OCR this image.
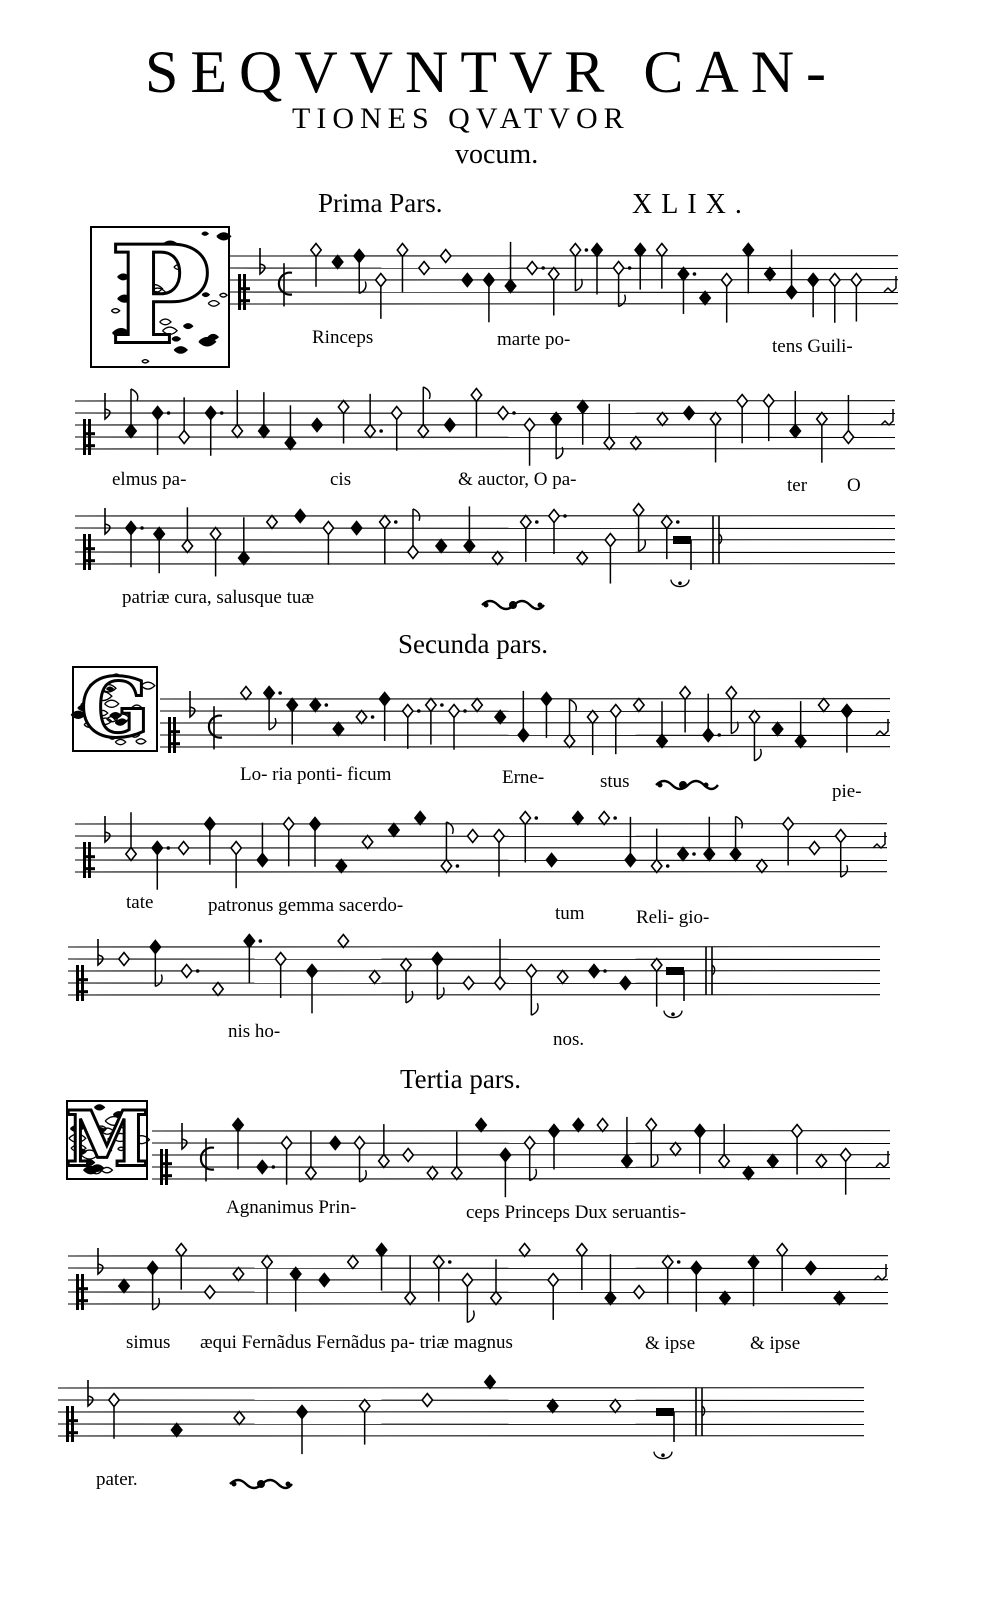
SEQVVNTVR CAN-
TIONES QVATVOR
vocum.
Prima Pars.	XLIX.
P	Rinceps	marte po-	tens Guili-
elmus pa-	cis	& auctor, O pa-	ter O
patriæ cura, salusque tuæ
Secunda pars.
G
Lo- ria ponti- ficum	Erne-	stus	pie-
tate	patronus gemma sacerdo-	tum	Reli- gio-
nis ho-	nos.
Tertia pars.
M
Agnanimus Prin-	ceps Princeps Dux seruantis-
simus æqui Fernãdus Fernãdus pa- triæ magnus	& ipse	& ipse
pater.
